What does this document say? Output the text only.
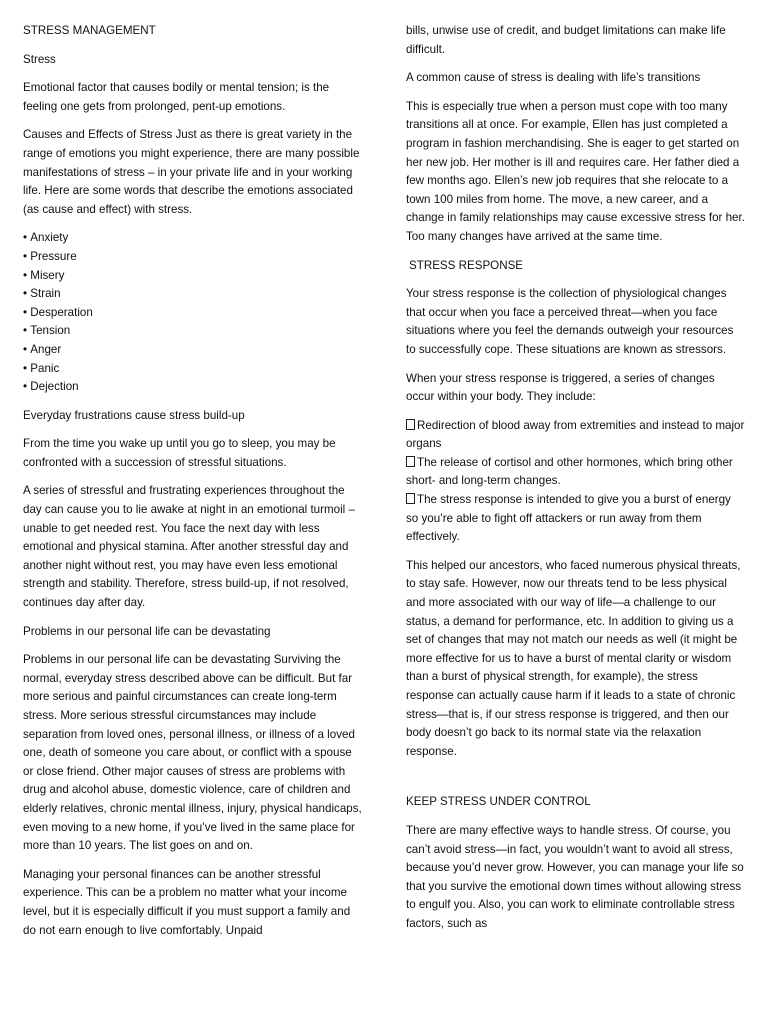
STRESS MANAGEMENT

Stress

Emotional factor that causes bodily or mental tension; is the feeling one gets from prolonged, pent-up emotions.

Causes and Effects of Stress Just as there is great variety in the range of emotions you might experience, there are many possible manifestations of stress – in your private life and in your working life. Here are some words that describe the emotions associated (as cause and effect) with stress.

• Anxiety
• Pressure
• Misery
• Strain
• Desperation
• Tension
• Anger
• Panic
• Dejection

Everyday frustrations cause stress build-up

From the time you wake up until you go to sleep, you may be confronted with a succession of stressful situations.

A series of stressful and frustrating experiences throughout the day can cause you to lie awake at night in an emotional turmoil – unable to get needed rest. You face the next day with less emotional and physical stamina. After another stressful day and another night without rest, you may have even less emotional strength and stability. Therefore, stress build-up, if not resolved, continues day after day.

Problems in our personal life can be devastating

Problems in our personal life can be devastating Surviving the normal, everyday stress described above can be difficult. But far more serious and painful circumstances can create long-term stress. More serious stressful circumstances may include separation from loved ones, personal illness, or illness of a loved one, death of someone you care about, or conflict with a spouse or close friend. Other major causes of stress are problems with drug and alcohol abuse, domestic violence, care of children and elderly relatives, chronic mental illness, injury, physical handicaps, even moving to a new home, if you’ve lived in the same place for more than 10 years. The list goes on and on.

Managing your personal finances can be another stressful experience. This can be a problem no matter what your income level, but it is especially difficult if you must support a family and do not earn enough to live comfortably. Unpaid

bills, unwise use of credit, and budget limitations can make life difficult.

A common cause of stress is dealing with life’s transitions

This is especially true when a person must cope with too many transitions all at once. For example, Ellen has just completed a program in fashion merchandising. She is eager to get started on her new job. Her mother is ill and requires care. Her father died a few months ago. Ellen’s new job requires that she relocate to a town 100 miles from home. The move, a new career, and a change in family relationships may cause excessive stress for her. Too many changes have arrived at the same time.

STRESS RESPONSE

Your stress response is the collection of physiological changes that occur when you face a perceived threat—when you face situations where you feel the demands outweigh your resources to successfully cope. These situations are known as stressors.

When your stress response is triggered, a series of changes occur within your body. They include:

Redirection of blood away from extremities and instead to major organs
The release of cortisol and other hormones, which bring other short- and long-term changes.
The stress response is intended to give you a burst of energy so you’re able to fight off attackers or run away from them effectively.

This helped our ancestors, who faced numerous physical threats, to stay safe. However, now our threats tend to be less physical and more associated with our way of life—a challenge to our status, a demand for performance, etc. In addition to giving us a set of changes that may not match our needs as well (it might be more effective for us to have a burst of mental clarity or wisdom than a burst of physical strength, for example), the stress response can actually cause harm if it leads to a state of chronic stress—that is, if our stress response is triggered, and then our body doesn’t go back to its normal state via the relaxation response.

KEEP STRESS UNDER CONTROL

There are many effective ways to handle stress. Of course, you can’t avoid stress—in fact, you wouldn’t want to avoid all stress, because you’d never grow. However, you can manage your life so that you survive the emotional down times without allowing stress to engulf you. Also, you can work to eliminate controllable stress factors, such as
